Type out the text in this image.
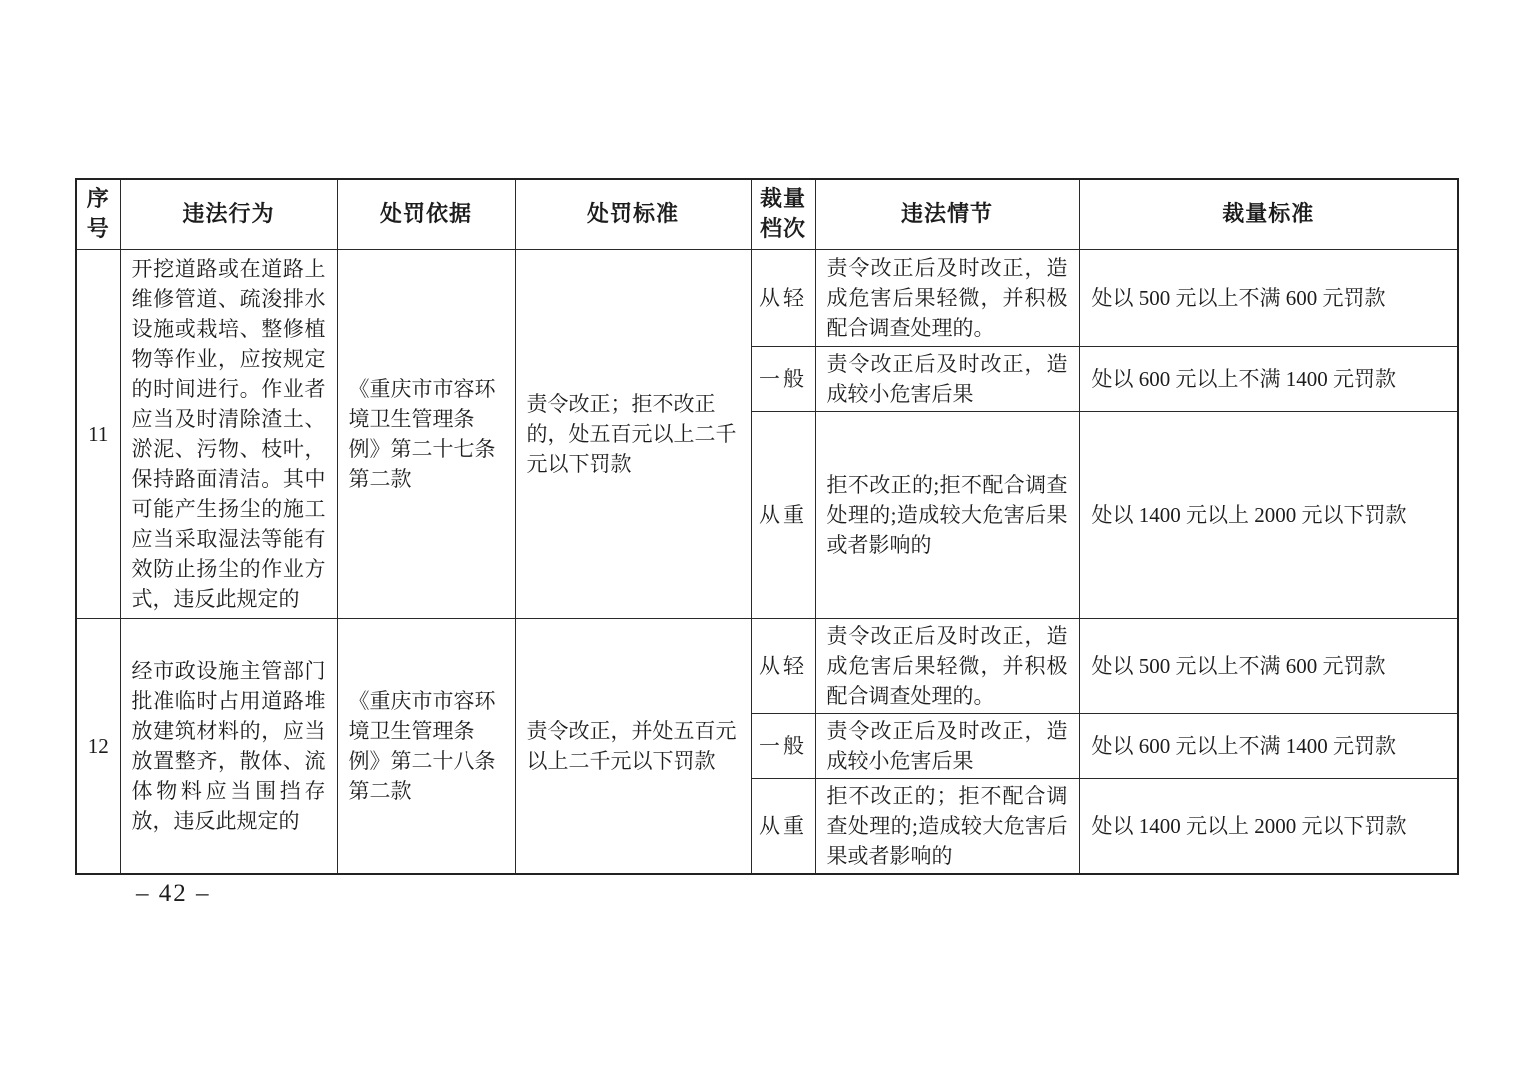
序号	违法行为	处罚依据	处罚标准	裁量档次	违法情节	裁量标准
11	开挖道路或在道路上维修管道、疏浚排水设施或栽培、整修植物等作业，应按规定的时间进行。作业者应当及时清除渣土、淤泥、污物、枝叶，保持路面清洁。其中可能产生扬尘的施工应当采取湿法等能有效防止扬尘的作业方式，违反此规定的	《重庆市市容环境卫生管理条例》第二十七条第二款	责令改正；拒不改正的，处五百元以上二千元以下罚款	从轻	责令改正后及时改正，造成危害后果轻微，并积极配合调查处理的。	处以 500 元以上不满 600 元罚款
				一般	责令改正后及时改正，造成较小危害后果	处以 600 元以上不满 1400 元罚款
				从重	拒不改正的;拒不配合调查处理的;造成较大危害后果或者影响的	处以 1400 元以上 2000 元以下罚款
12	经市政设施主管部门批准临时占用道路堆放建筑材料的，应当放置整齐，散体、流体物料应当围挡存放，违反此规定的	《重庆市市容环境卫生管理条例》第二十八条第二款	责令改正，并处五百元以上二千元以下罚款	从轻	责令改正后及时改正，造成危害后果轻微，并积极配合调查处理的。	处以 500 元以上不满 600 元罚款
				一般	责令改正后及时改正，造成较小危害后果	处以 600 元以上不满 1400 元罚款
				从重	拒不改正的；拒不配合调查处理的;造成较大危害后果或者影响的	处以 1400 元以上 2000 元以下罚款
– 42 –
